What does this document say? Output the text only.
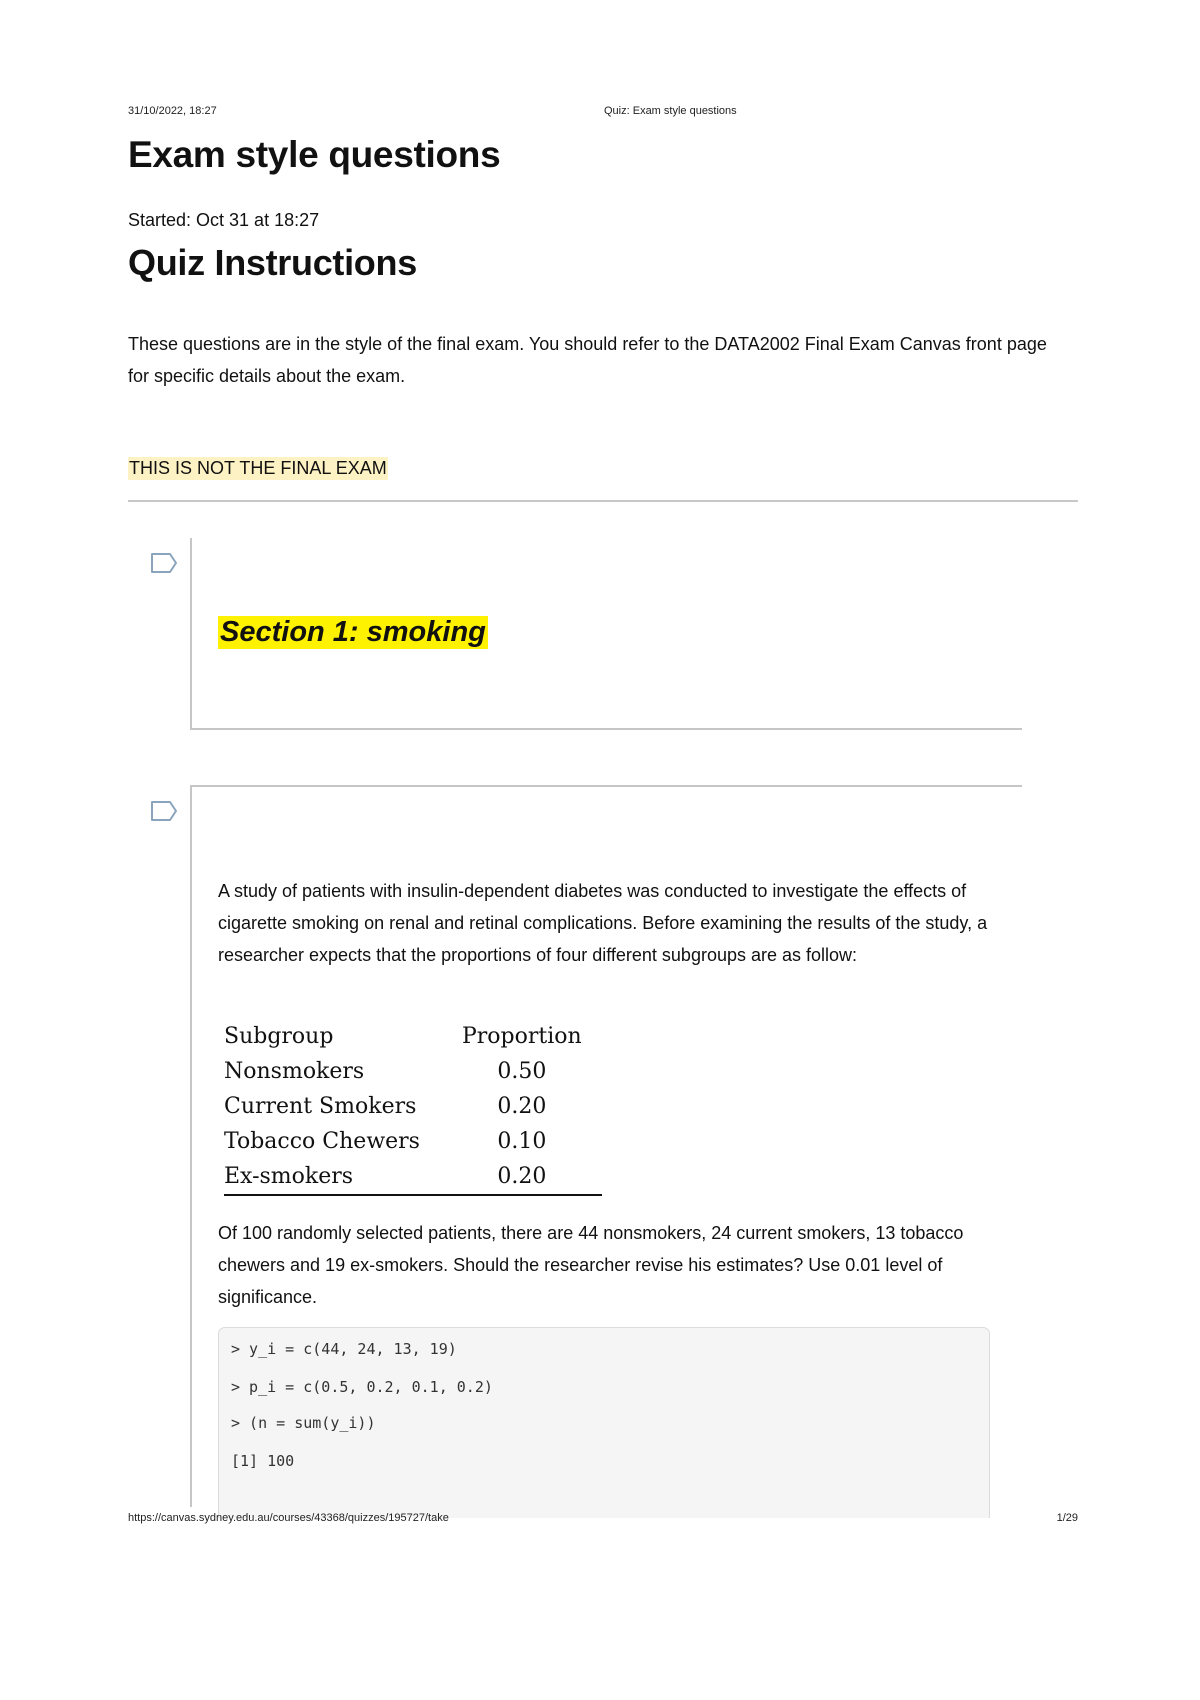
31/10/2022, 18:27	Quiz: Exam style questions
Exam style questions
Started: Oct 31 at 18:27
Quiz Instructions
These questions are in the style of the final exam. You should refer to the DATA2002 Final Exam Canvas front page for specific details about the exam.
THIS IS NOT THE FINAL EXAM
Section 1: smoking
A study of patients with insulin-dependent diabetes was conducted to investigate the effects of cigarette smoking on renal and retinal complications. Before examining the results of the study, a researcher expects that the proportions of four different subgroups are as follow:
Subgroup	Proportion
Nonsmokers	0.50
Current Smokers	0.20
Tobacco Chewers	0.10
Ex-smokers	0.20
Of 100 randomly selected patients, there are 44 nonsmokers, 24 current smokers, 13 tobacco chewers and 19 ex-smokers. Should the researcher revise his estimates? Use 0.01 level of significance.
> y_i = c(44, 24, 13, 19)
> p_i = c(0.5, 0.2, 0.1, 0.2)
> (n = sum(y_i))
[1] 100
https://canvas.sydney.edu.au/courses/43368/quizzes/195727/take	1/29
